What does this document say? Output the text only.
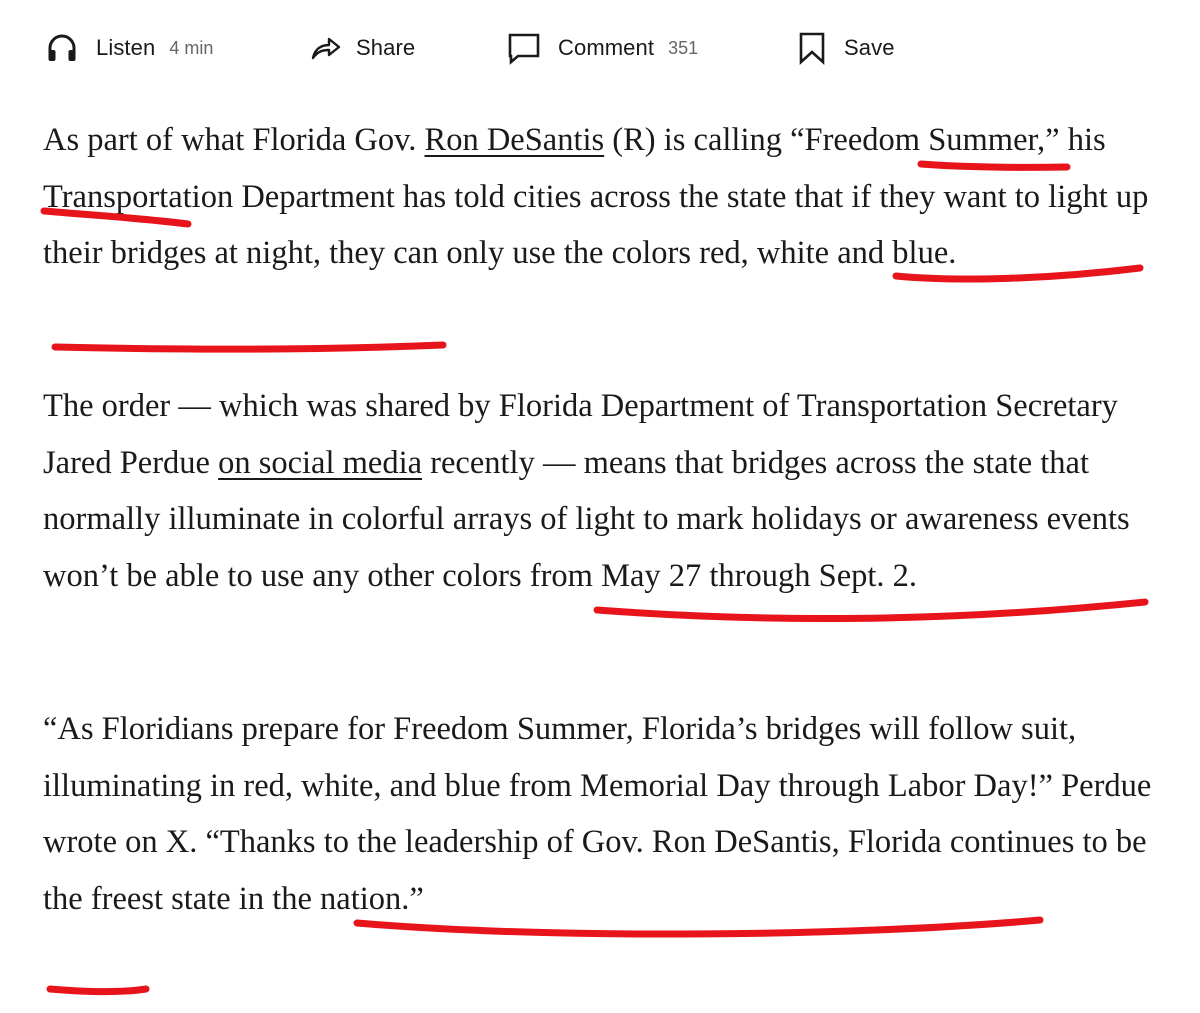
Listen 4 min	Share	Comment 351	Save

As part of what Florida Gov. Ron DeSantis (R) is calling “Freedom Summer,” his Transportation Department has told cities across the state that if they want to light up their bridges at night, they can only use the colors red, white and blue.

The order — which was shared by Florida Department of Transportation Secretary Jared Perdue on social media recently — means that bridges across the state that normally illuminate in colorful arrays of light to mark holidays or awareness events won’t be able to use any other colors from May 27 through Sept. 2.

“As Floridians prepare for Freedom Summer, Florida’s bridges will follow suit, illuminating in red, white, and blue from Memorial Day through Labor Day!” Perdue wrote on X. “Thanks to the leadership of Gov. Ron DeSantis, Florida continues to be the freest state in the nation.”
